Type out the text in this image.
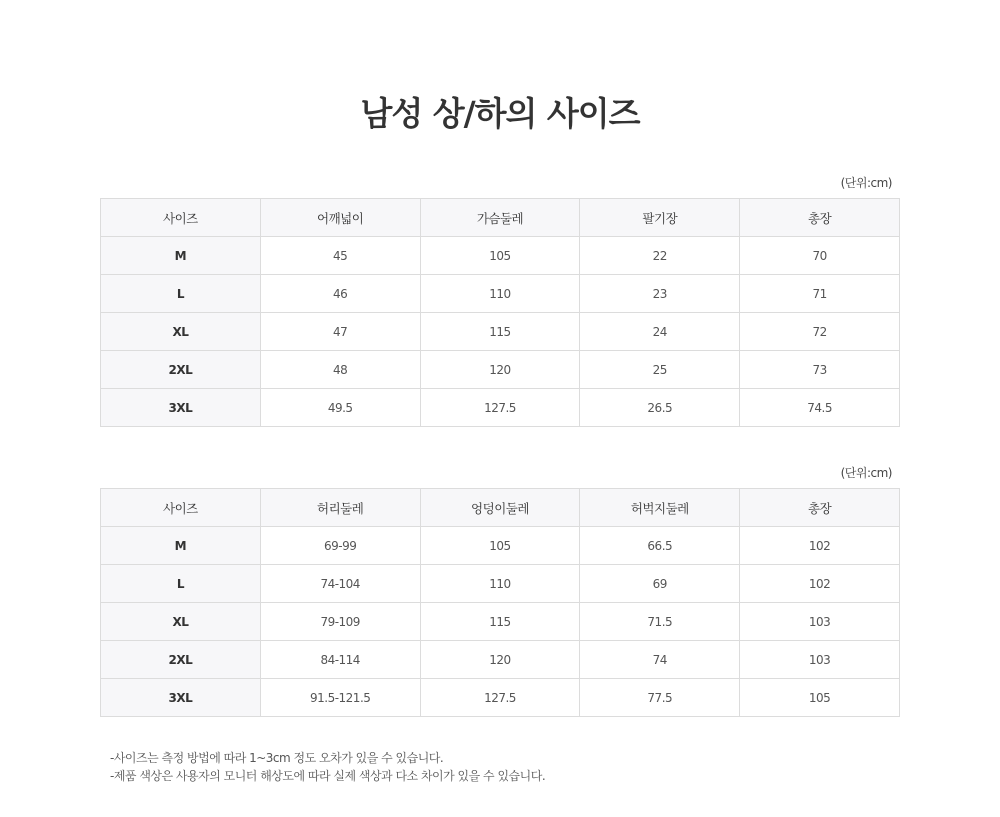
남성 상/하의 사이즈
(단위:cm)
사이즈	어깨넓이	가슴둘레	팔기장	총장
M	45	105	22	70
L	46	110	23	71
XL	47	115	24	72
2XL	48	120	25	73
3XL	49.5	127.5	26.5	74.5
(단위:cm)
사이즈	허리둘레	엉덩이둘레	허벅지둘레	총장
M	69-99	105	66.5	102
L	74-104	110	69	102
XL	79-109	115	71.5	103
2XL	84-114	120	74	103
3XL	91.5-121.5	127.5	77.5	105
-사이즈는 측정 방법에 따라 1~3cm 정도 오차가 있을 수 있습니다.
-제품 색상은 사용자의 모니터 해상도에 따라 실제 색상과 다소 차이가 있을 수 있습니다.
